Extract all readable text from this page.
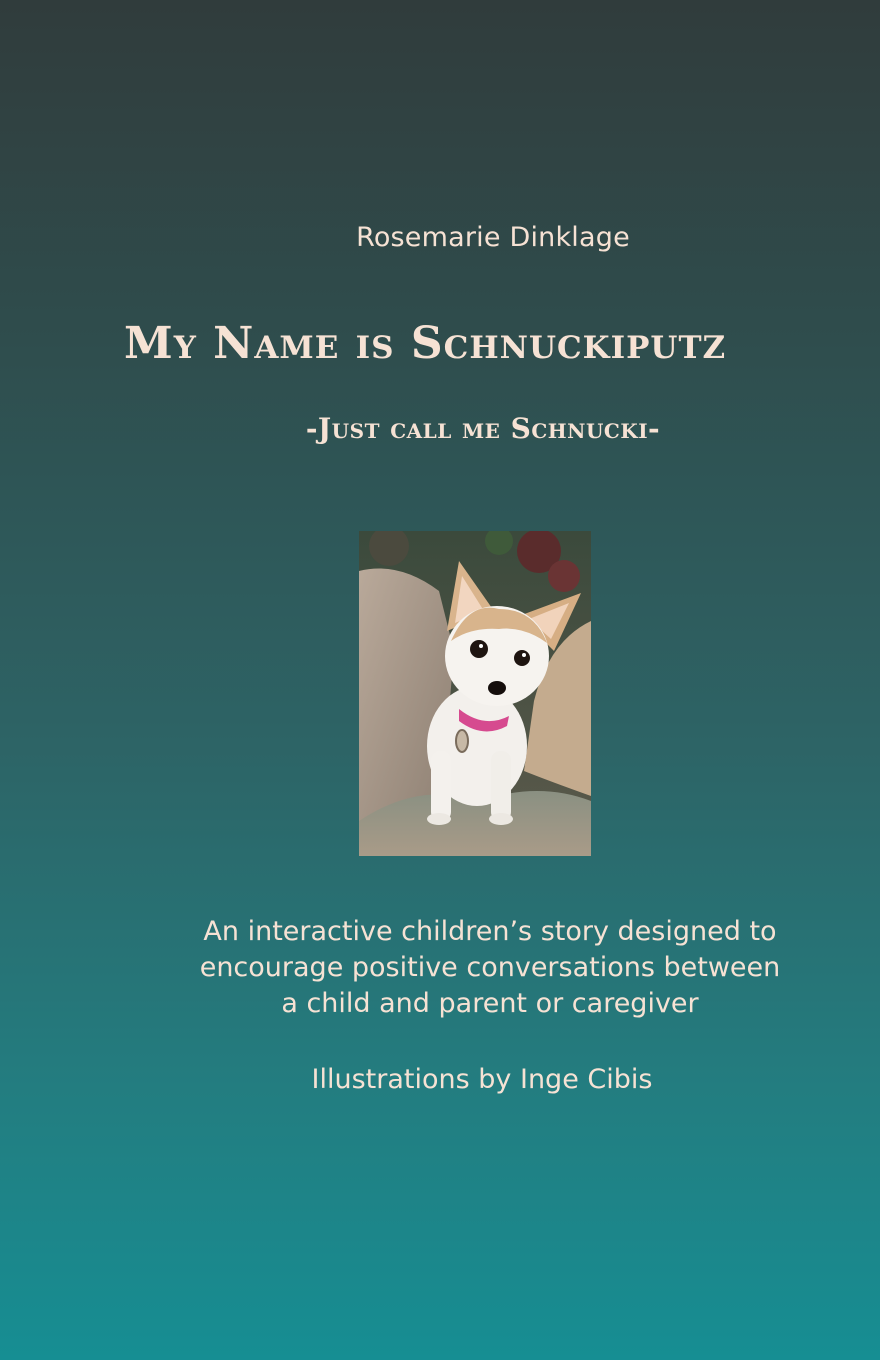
Rosemarie Dinklage
My Name is Schnuckiputz
-Just call me Schnucki-
An interactive children’s story designed to
encourage positive conversations between
a child and parent or caregiver
Illustrations by Inge Cibis
